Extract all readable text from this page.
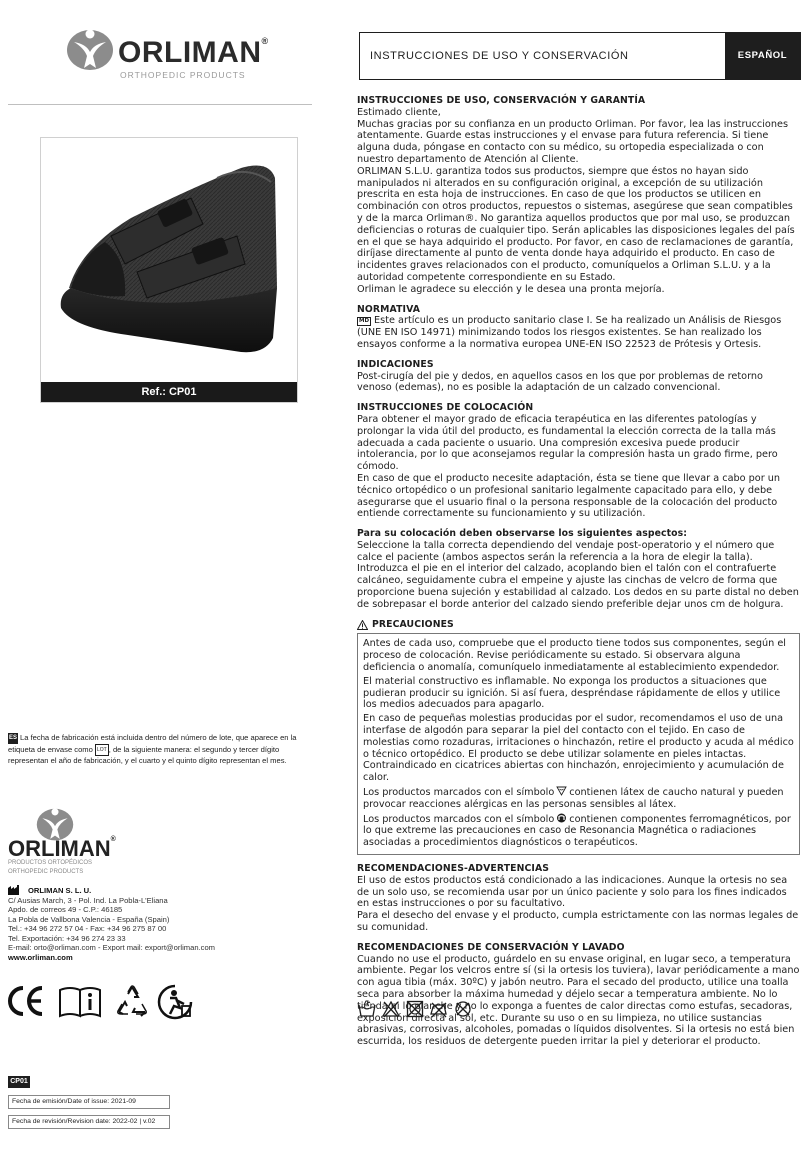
ORLIMAN®
ORTHOPEDIC PRODUCTS
Ref.: CP01
ES La fecha de fabricación está incluida dentro del número de lote, que aparece en la etiqueta de envase como LOT , de la siguiente manera: el segundo y tercer dígito representan el año de fabricación, y el cuarto y el quinto dígito representan el mes.
ORLIMAN®
PRODUCTOS ORTOPÉDICOS
ORTHOPEDIC PRODUCTS
ORLIMAN S. L. U.
C/ Ausias March, 3 - Pol. Ind. La Pobla-L'Eliana
Apdo. de correos 49 - C.P.: 46185
La Pobla de Vallbona Valencia - España (Spain)
Tel.: +34 96 272 57 04 - Fax: +34 96 275 87 00
Tel. Exportación: +34 96 274 23 33
E-mail: orto@orliman.com - Export mail: export@orliman.com
www.orliman.com
CP01
Fecha de emisión/Date of issue: 2021-09
Fecha de revisión/Revision date: 2022-02 | v.02
INSTRUCCIONES DE USO Y CONSERVACIÓN	ESPAÑOL

INSTRUCCIONES DE USO, CONSERVACIÓN Y GARANTÍA

Estimado cliente,

Muchas gracias por su confianza en un producto Orliman. Por favor, lea las instrucciones atentamente. Guarde estas instrucciones y el envase para futura referencia. Si tiene alguna duda, póngase en contacto con su médico, su ortopedia especializada o con nuestro departamento de Atención al Cliente.

ORLIMAN S.L.U. garantiza todos sus productos, siempre que éstos no hayan sido manipulados ni alterados en su configuración original, a excepción de su utilización prescrita en esta hoja de instrucciones. En caso de que los productos se utilicen en combinación con otros productos, repuestos o sistemas, asegúrese que sean compatibles y de la marca Orliman®. No garantiza aquellos productos que por mal uso, se produzcan deficiencias o roturas de cualquier tipo. Serán aplicables las disposiciones legales del país en el que se haya adquirido el producto. Por favor, en caso de reclamaciones de garantía, diríjase directamente al punto de venta donde haya adquirido el producto. En caso de incidentes graves relacionados con el producto, comuníquelos a Orliman S.L.U. y a la autoridad competente correspondiente en su Estado.

Orliman le agradece su elección y le desea una pronta mejoría.

NORMATIVA

MD Este artículo es un producto sanitario clase I. Se ha realizado un Análisis de Riesgos (UNE EN ISO 14971) minimizando todos los riesgos existentes. Se han realizado los ensayos conforme a la normativa europea UNE-EN ISO 22523 de Prótesis y Ortesis.

INDICACIONES

Post-cirugía del pie y dedos, en aquellos casos en los que por problemas de retorno venoso (edemas), no es posible la adaptación de un calzado convencional.

INSTRUCCIONES DE COLOCACIÓN

Para obtener el mayor grado de eficacia terapéutica en las diferentes patologías y prolongar la vida útil del producto, es fundamental la elección correcta de la talla más adecuada a cada paciente o usuario. Una compresión excesiva puede producir intolerancia, por lo que aconsejamos regular la compresión hasta un grado firme, pero cómodo.

En caso de que el producto necesite adaptación, ésta se tiene que llevar a cabo por un técnico ortopédico o un profesional sanitario legalmente capacitado para ello, y debe asegurarse que el usuario final o la persona responsable de la colocación del producto entiende correctamente su funcionamiento y su utilización.

Para su colocación deben observarse los siguientes aspectos:

Seleccione la talla correcta dependiendo del vendaje post-operatorio y el número que calce el paciente (ambos aspectos serán la referencia a la hora de elegir la talla). Introduzca el pie en el interior del calzado, acoplando bien el talón con el contrafuerte calcáneo, seguidamente cubra el empeine y ajuste las cinchas de velcro de forma que proporcione buena sujeción y estabilidad al calzado. Los dedos en su parte distal no deben de sobrepasar el borde anterior del calzado siendo preferible dejar unos cm de holgura.

PRECAUCIONES

Antes de cada uso, compruebe que el producto tiene todos sus componentes, según el proceso de colocación. Revise periódicamente su estado. Si observara alguna deficiencia o anomalía, comuníquelo inmediatamente al establecimiento expendedor.

El material constructivo es inflamable. No exponga los productos a situaciones que pudieran producir su ignición. Si así fuera, despréndase rápidamente de ellos y utilice los medios adecuados para apagarlo.

En caso de pequeñas molestias producidas por el sudor, recomendamos el uso de una interfase de algodón para separar la piel del contacto con el tejido. En caso de molestias como rozaduras, irritaciones o hinchazón, retire el producto y acuda al médico o técnico ortopédico. El producto se debe utilizar solamente en pieles intactas. Contraindicado en cicatrices abiertas con hinchazón, enrojecimiento y acumulación de calor.

Los productos marcados con el símbolo contienen látex de caucho natural y pueden provocar reacciones alérgicas en las personas sensibles al látex.

Los productos marcados con el símbolo contienen componentes ferromagnéticos, por lo que extreme las precauciones en caso de Resonancia Magnética o radiaciones asociadas a procedimientos diagnósticos o terapéuticos.

RECOMENDACIONES-ADVERTENCIAS

El uso de estos productos está condicionado a las indicaciones. Aunque la ortesis no sea de un solo uso, se recomienda usar por un único paciente y solo para los fines indicados en estas instrucciones o por su facultativo.

Para el desecho del envase y el producto, cumpla estrictamente con las normas legales de su comunidad.

RECOMENDACIONES DE CONSERVACIÓN Y LAVADO

Cuando no use el producto, guárdelo en su envase original, en lugar seco, a temperatura ambiente. Pegar los velcros entre sí (si la ortesis los tuviera), lavar periódicamente a mano con agua tibia (máx. 30ºC) y jabón neutro. Para el secado del producto, utilice una toalla seca para absorber la máxima humedad y déjelo secar a temperatura ambiente. No lo tienda ni lo planche y no lo exponga a fuentes de calor directas como estufas, secadoras, exposición directa al sol, etc. Durante su uso o en su limpieza, no utilice sustancias abrasivas, corrosivas, alcoholes, pomadas o líquidos disolventes. Si la ortesis no está bien escurrida, los residuos de detergente pueden irritar la piel y deteriorar el producto.
